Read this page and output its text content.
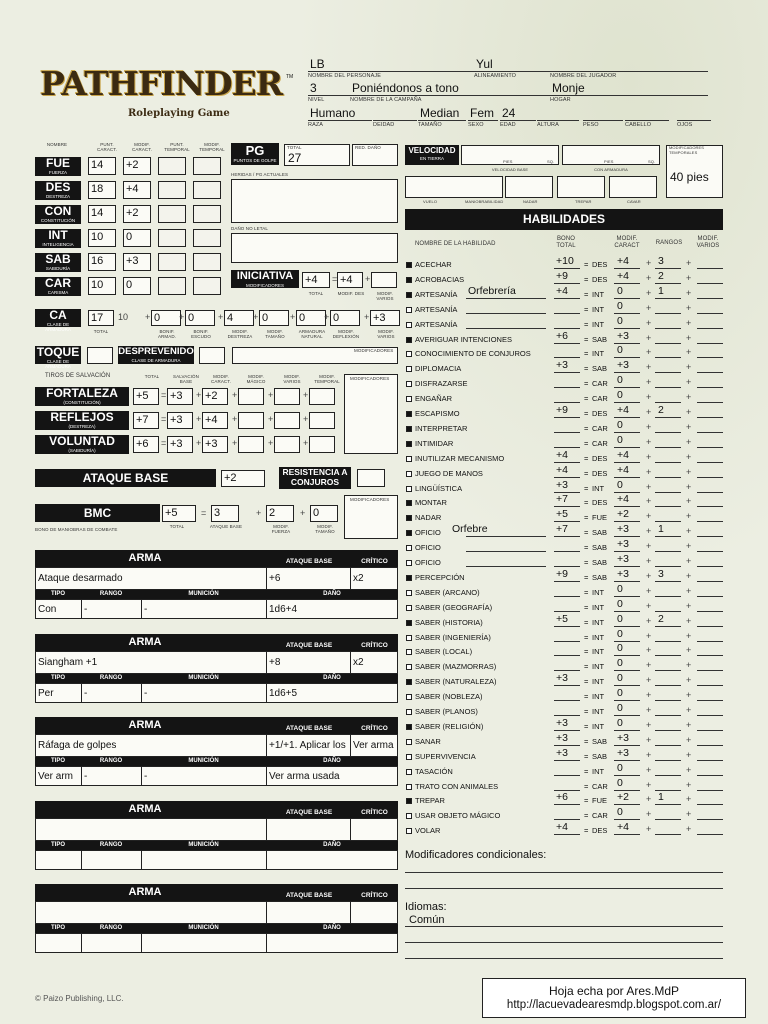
PATHFINDER TM
Roleplaying Game
LB
NOMBRE DEL PERSONAJE
Yul
ALINEAMIENTO	NOMBRE DEL JUGADOR
3
NIVEL
Poniéndonos a tono
NOMBRE DE LA CAMPAÑA
Monje
HOGAR
Humano
RAZA	DEIDAD
Median
TAMAÑO
Fem
SEXO
24
EDAD	ALTURA	PESO	CABELLO	OJOS
NOMBRE	PUNT. CARACT.
MODIF. CARACT.
PUNT. TEMPORAL
MODIF. TEMPORAL
FUE
FUERZA
14	+2
DES
DESTREZA
18	+4
CON
CONSTITUCIÓN
14	+2
INT
INTELIGENCIA
10	0
SAB
SABIDURÍA
16	+3
CAR
CARISMA
10	0
PG
PUNTOS DE GOLPE
TOTAL
27
RED. DAÑO
HERIDAS / PG ACTUALES
DAÑO NO LETAL
INICIATIVA
MODIFICADORES	+4	= +4	+
TOTAL	MODIF. DES	MODIF. VARIOS
CA
CLASE DE ARMADURA
17	10 + 0	+ 0	+ 4	+ 0	+ 0	+ 0	+ +3
TOTAL	BONIF. ARMAD.
BONIF. ESCUDO
MODIF. DESTREZA
MODIF. TAMAÑO
ARMADURA NATURAL
MODIF. DEFLEXIÓN
MODIF. VARIOS
TOQUE
CLASE DE ARMADURA
DESPREVENIDO
CLASE DE ARMADURA
MODIFICADORES
TIROS DE SALVACIÓN	TOTAL	SALVACIÓN BASE
MODIF. CARACT.
MODIF. MÁGICO
MODIF. VARIOS
MODIF. TEMPORAL
MODIFICADORES
FORTALEZA
(CONSTITUCIÓN)
+5	= +3	+ +2	+	+	+
REFLEJOS
(DESTREZA)
+7	= +3	+ +4	+	+	+
VOLUNTAD
(SABIDURÍA)
+6	= +3	+ +3	+	+	+
ATAQUE BASE	+2	RESISTENCIA A CONJUROS
BMC
BONO DE MANIOBRAS DE COMBATE
+5
TOTAL
= 3
ATAQUE BASE
+ 2
MODIF. FUERZA
+ 0
MODIF. TAMAÑO
MODIFICADORES
ARMA	ATAQUE BASE	CRÍTICO
Ataque desarmado	+6	x2
TIPO	RANGO	MUNICIÓN	DAÑO
Con	-	-	1d6+4
ARMA	ATAQUE BASE	CRÍTICO
Siangham +1	+8	x2
TIPO	RANGO	MUNICIÓN	DAÑO
Per	-	-	1d6+5
ARMA	ATAQUE BASE	CRÍTICO
Ráfaga de golpes	+1/+1. Aplicar los Ver arma
TIPO	RANGO	MUNICIÓN	DAÑO
Ver arm	-	-	Ver arma usada
ARMA	ATAQUE BASE	CRÍTICO
TIPO	RANGO	MUNICIÓN	DAÑO
ARMA	ATAQUE BASE	CRÍTICO
TIPO	RANGO	MUNICIÓN	DAÑO
VELOCIDAD
EN TIERRA
PIES	SQ.	PIES	SQ.
VELOCIDAD BASE	CON ARMADURA
VUELO	MANIOBRABILIDAD	NADAR	TREPAR	CAVAR
MODIFICADORES TEMPORALES
40 pies
HABILIDADES
NOMBRE DE LA HABILIDAD
BONO TOTAL
MODIF. CARACT	RANGOS
MODIF. VARIOS
ACECHAR	+10 = DES +4 + 3 +
ACROBACIAS	+9 = DES +4 + 2 +
ARTESANÍA Orfebrería	+4 = INT 0	+ 1 +
ARTESANÍA	= INT 0	+	+
ARTESANÍA	= INT 0	+	+
AVERIGUAR INTENCIONES	+6 = SAB +3 +	+
CONOCIMIENTO DE CONJUROS	= INT 0	+	+
DIPLOMACIA	+3 = SAB +3 +	+
DISFRAZARSE	= CAR 0	+	+
ENGAÑAR	= CAR 0	+	+
ESCAPISMO	+9 = DES +4 + 2 +
INTERPRETAR	= CAR 0	+	+
INTIMIDAR	= CAR 0	+	+
INUTILIZAR MECANISMO	+4 = DES +4 +	+
JUEGO DE MANOS	+4 = DES +4 +	+
LINGÜÍSTICA	+3 = INT 0	+	+
MONTAR	+7 = DES +4 +	+
NADAR	+5 = FUE +2 +	+
OFICIO Orfebre	+7 = SAB +3 + 1 +
OFICIO	= SAB +3 +	+
OFICIO	= SAB +3 +	+
PERCEPCIÓN	+9 = SAB +3 + 3 +
SABER (ARCANO)	= INT 0	+	+
SABER (GEOGRAFÍA)	= INT 0	+	+
SABER (HISTORIA)	+5 = INT 0	+ 2 +
SABER (INGENIERÍA)	= INT 0	+	+
SABER (LOCAL)	= INT 0	+	+
SABER (MAZMORRAS)	= INT 0	+	+
SABER (NATURALEZA)	+3 = INT 0	+	+
SABER (NOBLEZA)	= INT 0	+	+
SABER (PLANOS)	= INT 0	+	+
SABER (RELIGIÓN)	+3 = INT 0	+	+
SANAR	+3 = SAB +3 +	+
SUPERVIVENCIA	+3 = SAB +3 +	+
TASACIÓN	= INT 0	+	+
TRATO CON ANIMALES	= CAR 0	+	+
TREPAR	+6 = FUE +2 + 1 +
USAR OBJETO MÁGICO	= CAR 0	+	+
VOLAR	+4 = DES +4 +	+
Modificadores condicionales:
Idiomas:
Común
Hoja echa por Ares.MdP
http://lacuevadearesmdp.blogspot.com.ar/
© Paizo Publishing, LLC.
